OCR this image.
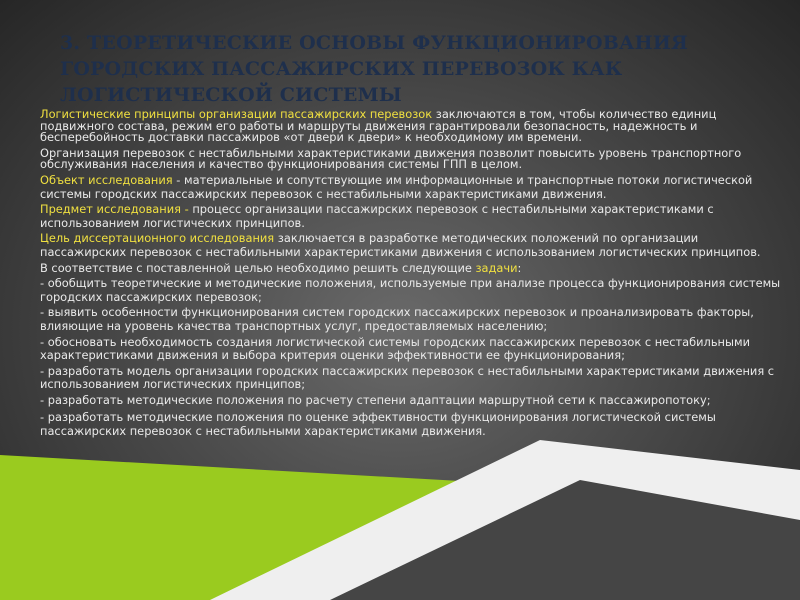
3. ТЕОРЕТИЧЕСКИЕ ОСНОВЫ ФУНКЦИОНИРОВАНИЯ ГОРОДСКИХ ПАССАЖИРСКИХ ПЕРЕВОЗОК КАК ЛОГИСТИЧЕСКОЙ СИСТЕМЫ

Логистические принципы организации пассажирских перевозок заключаются в том, чтобы количество единиц подвижного состава, режим его работы и маршруты движения гарантировали безопасность, надежность и бесперебойность доставки пассажиров «от двери к двери» к необходимому им времени.

Организация перевозок с нестабильными характеристиками движения позволит повысить уровень транспортного обслуживания населения и качество функционирования системы ГПП в целом.

Объект исследования - материальные и сопутствующие им информационные и транспортные потоки логистической системы городских пассажирских перевозок с нестабильными характеристиками движения.

Предмет исследования - процесс организации пассажирских перевозок с нестабильными характеристиками с использованием логистических принципов.

Цель диссертационного исследования заключается в разработке методических положений по организации пассажирских перевозок с нестабильными характеристиками движения с использованием логистических принципов.

В соответствие с поставленной целью необходимо решить следующие задачи:

- обобщить теоретические и методические положения, используемые при анализе процесса функционирования системы городских пассажирских перевозок;

- выявить особенности функционирования систем городских пассажирских перевозок и проанализировать факторы, влияющие на уровень качества транспортных услуг, предоставляемых населению;

- обосновать необходимость создания логистической системы городских пассажирских перевозок с нестабильными характеристиками движения и выбора критерия оценки эффективности ее функционирования;

- разработать модель организации городских пассажирских перевозок с нестабильными характеристиками движения с использованием логистических принципов;

- разработать методические положения по расчету степени адаптации маршрутной сети к пассажиропотоку;

- разработать методические положения по оценке эффективности функционирования логистической системы пассажирских перевозок с нестабильными характеристиками движения.
